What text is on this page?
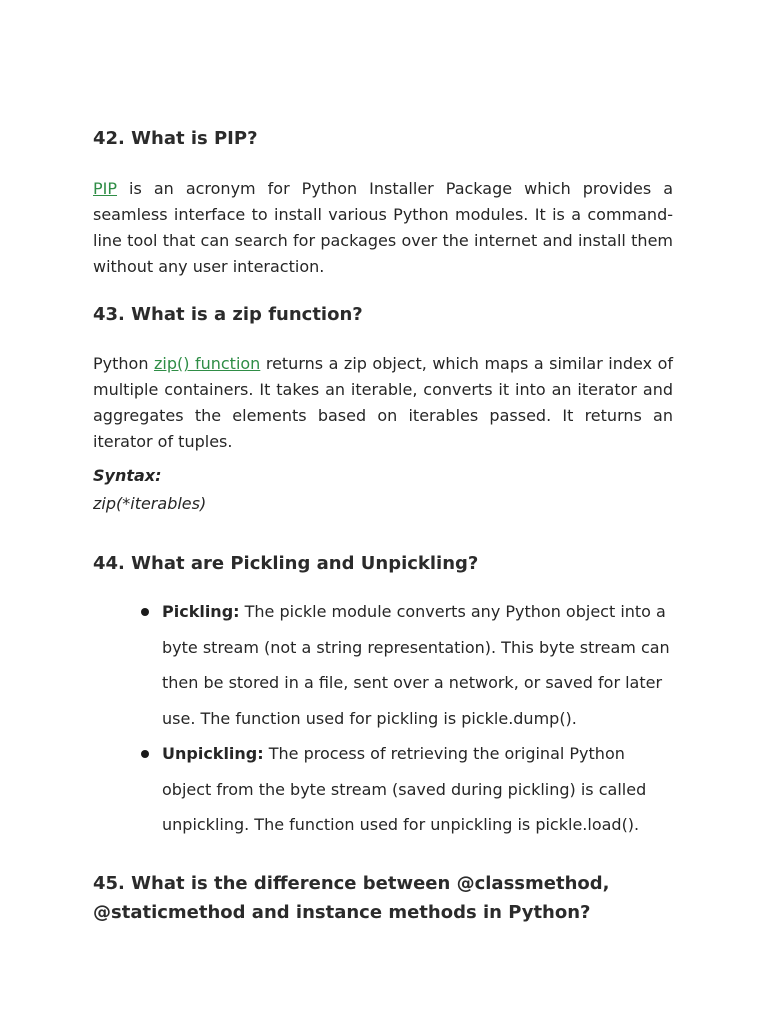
42. What is PIP?

PIP is an acronym for Python Installer Package which provides a seamless interface to install various Python modules. It is a command-line tool that can search for packages over the internet and install them without any user interaction.

43. What is a zip function?

Python zip() function returns a zip object, which maps a similar index of multiple containers. It takes an iterable, converts it into an iterator and aggregates the elements based on iterables passed. It returns an iterator of tuples.

Syntax:
zip(*iterables)
44. What are Pickling and Unpickling?
Pickling: The pickle module converts any Python object into a byte stream (not a string representation). This byte stream can then be stored in a file, sent over a network, or saved for later use. The function used for pickling is pickle.dump().
Unpickling: The process of retrieving the original Python object from the byte stream (saved during pickling) is called unpickling. The function used for unpickling is pickle.load().
45. What is the difference between @classmethod,
@staticmethod and instance methods in Python?
